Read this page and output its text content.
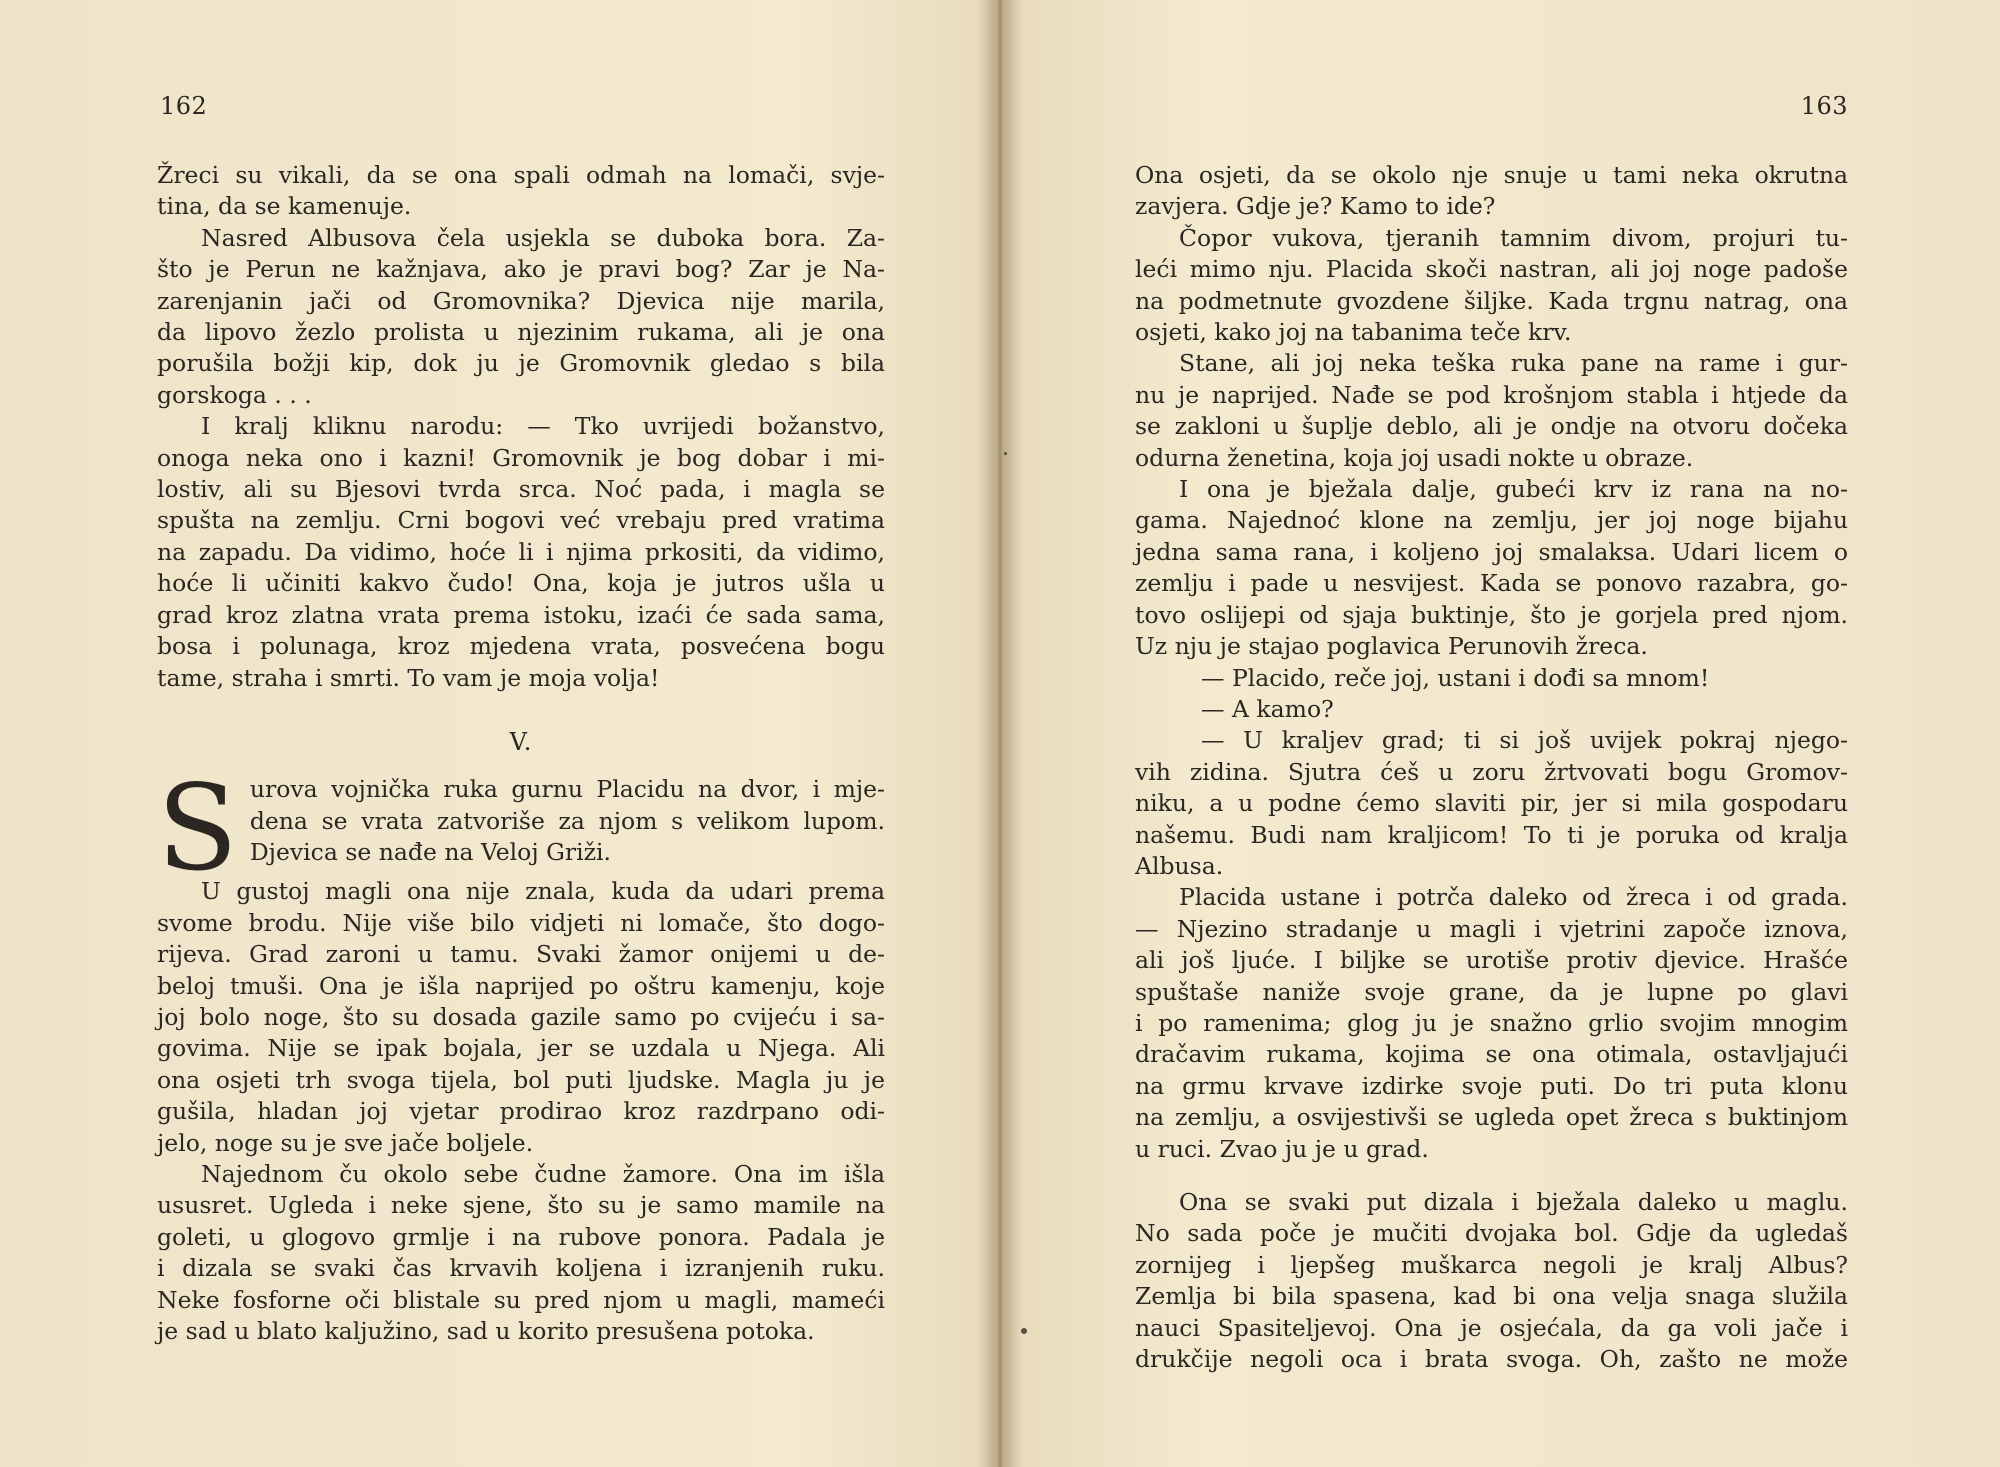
162

Žreci su vikali, da se ona spali odmah na lomači, svje-

tina, da se kamenuje.

Nasred Albusova čela usjekla se duboka bora. Za-

što je Perun ne kažnjava, ako je pravi bog? Zar je Na-

zarenjanin jači od Gromovnika? Djevica nije marila,

da lipovo žezlo prolista u njezinim rukama, ali je ona

porušila božji kip, dok ju je Gromovnik gledao s bila

gorskoga . . .

I kralj kliknu narodu: — Tko uvrijedi božanstvo,

onoga neka ono i kazni! Gromovnik je bog dobar i mi-

lostiv, ali su Bjesovi tvrda srca. Noć pada, i magla se

spušta na zemlju. Crni bogovi već vrebaju pred vratima

na zapadu. Da vidimo, hoće li i njima prkositi, da vidimo,

hoće li učiniti kakvo čudo! Ona, koja je jutros ušla u

grad kroz zlatna vrata prema istoku, izaći će sada sama,

bosa i polunaga, kroz mjedena vrata, posvećena bogu

tame, straha i smrti. To vam je moja volja!

V.
S urova vojnička ruka gurnu Placidu na dvor, i mje-

dena se vrata zatvoriše za njom s velikom lupom.

Djevica se nađe na Veloj Griži.

U gustoj magli ona nije znala, kuda da udari prema

svome brodu. Nije više bilo vidjeti ni lomače, što dogo-

rijeva. Grad zaroni u tamu. Svaki žamor onijemi u de-

beloj tmuši. Ona je išla naprijed po oštru kamenju, koje

joj bolo noge, što su dosada gazile samo po cvijeću i sa-

govima. Nije se ipak bojala, jer se uzdala u Njega. Ali

ona osjeti trh svoga tijela, bol puti ljudske. Magla ju je

gušila, hladan joj vjetar prodirao kroz razdrpano odi-

jelo, noge su je sve jače boljele.

Najednom ču okolo sebe čudne žamore. Ona im išla

ususret. Ugleda i neke sjene, što su je samo mamile na

goleti, u glogovo grmlje i na rubove ponora. Padala je

i dizala se svaki čas krvavih koljena i izranjenih ruku.

Neke fosforne oči blistale su pred njom u magli, mameći

je sad u blato kaljužino, sad u korito presušena potoka.

163

Ona osjeti, da se okolo nje snuje u tami neka okrutna

zavjera. Gdje je? Kamo to ide?

Čopor vukova, tjeranih tamnim divom, projuri tu-

leći mimo nju. Placida skoči nastran, ali joj noge padoše

na podmetnute gvozdene šiljke. Kada trgnu natrag, ona

osjeti, kako joj na tabanima teče krv.

Stane, ali joj neka teška ruka pane na rame i gur-

nu je naprijed. Nađe se pod krošnjom stabla i htjede da

se zakloni u šuplje deblo, ali je ondje na otvoru dočeka

odurna ženetina, koja joj usadi nokte u obraze.

I ona je bježala dalje, gubeći krv iz rana na no-

gama. Najednoć klone na zemlju, jer joj noge bijahu

jedna sama rana, i koljeno joj smalaksa. Udari licem o

zemlju i pade u nesvijest. Kada se ponovo razabra, go-

tovo oslijepi od sjaja buktinje, što je gorjela pred njom.

Uz nju je stajao poglavica Perunovih žreca.

— Placido, reče joj, ustani i dođi sa mnom!

— A kamo?

— U kraljev grad; ti si još uvijek pokraj njego-

vih zidina. Sjutra ćeš u zoru žrtvovati bogu Gromov-

niku, a u podne ćemo slaviti pir, jer si mila gospodaru

našemu. Budi nam kraljicom! To ti je poruka od kralja

Albusa.

Placida ustane i potrča daleko od žreca i od grada.

— Njezino stradanje u magli i vjetrini započe iznova,

ali još ljuće. I biljke se urotiše protiv djevice. Hrašće

spuštaše naniže svoje grane, da je lupne po glavi

i po ramenima; glog ju je snažno grlio svojim mnogim

dračavim rukama, kojima se ona otimala, ostavljajući

na grmu krvave izdirke svoje puti. Do tri puta klonu

na zemlju, a osvijestivši se ugleda opet žreca s buktinjom

u ruci. Zvao ju je u grad.

Ona se svaki put dizala i bježala daleko u maglu.

No sada poče je mučiti dvojaka bol. Gdje da ugledaš

zornijeg i ljepšeg muškarca negoli je kralj Albus?

Zemlja bi bila spasena, kad bi ona velja snaga služila

nauci Spasiteljevoj. Ona je osjećala, da ga voli jače i

drukčije negoli oca i brata svoga. Oh, zašto ne može
